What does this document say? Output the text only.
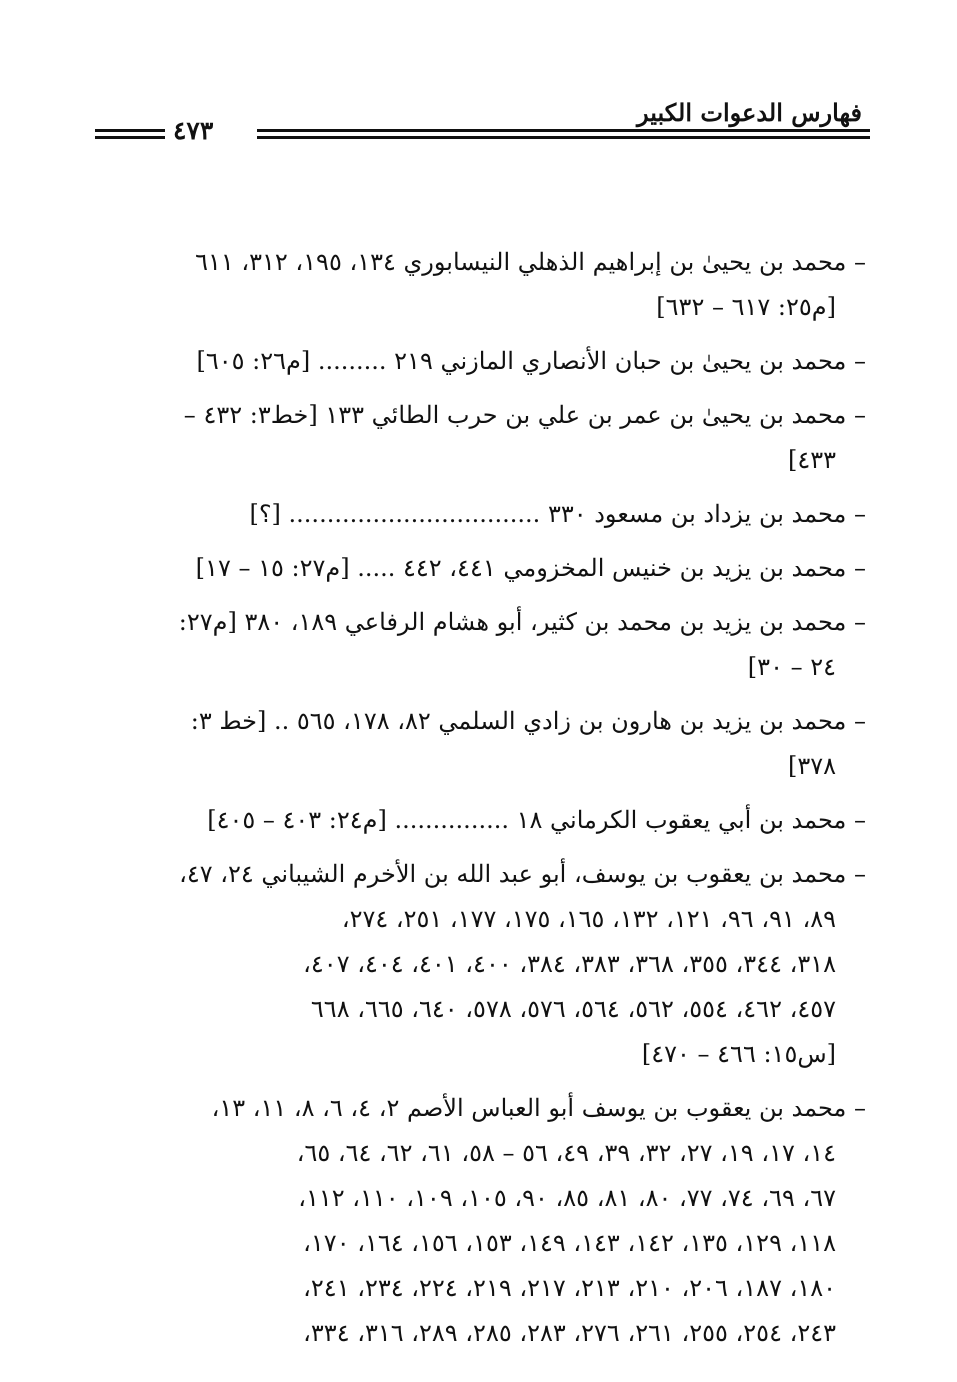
فهارس الدعوات الكبير
٤٧٣

– محمد بن يحيىٰ بن إبراهيم الذهلي النيسابوري ١٣٤، ١٩٥، ٣١٢، ٦١١
[م٢٥: ٦١٧ – ٦٣٢]

– محمد بن يحيىٰ بن حبان الأنصاري المازني ٢١٩ ......... [م٢٦: ٦٠٥]

– محمد بن يحيىٰ بن عمر بن علي بن حرب الطائي ١٣٣ [خط٣: ٤٣٢ –
٤٣٣]

– محمد بن يزداد بن مسعود ٣٣٠ ................................. [؟]

– محمد بن يزيد بن خنيس المخزومي ٤٤١، ٤٤٢ ..... [م٢٧: ١٥ – ١٧]

– محمد بن يزيد بن محمد بن كثير، أبو هشام الرفاعي ١٨٩، ٣٨٠ [م٢٧:
٢٤ – ٣٠]

– محمد بن يزيد بن هارون بن زادي السلمي ٨٢، ١٧٨، ٥٦٥ .. [خط ٣:
٣٧٨]

– محمد بن أبي يعقوب الكرماني ١٨ ............... [م٢٤: ٤٠٣ – ٤٠٥]

– محمد بن يعقوب بن يوسف، أبو عبد الله بن الأخرم الشيباني ٢٤، ٤٧،
٨٩، ٩١، ٩٦، ١٢١، ١٣٢، ١٦٥، ١٧٥، ١٧٧، ٢٥١، ٢٧٤،
٣١٨، ٣٤٤، ٣٥٥، ٣٦٨، ٣٨٣، ٣٨٤، ٤٠٠، ٤٠١، ٤٠٤، ٤٠٧،
٤٥٧، ٤٦٢، ٥٥٤، ٥٦٢، ٥٦٤، ٥٧٦، ٥٧٨، ٦٤٠، ٦٦٥، ٦٦٨
[س١٥: ٤٦٦ – ٤٧٠]

– محمد بن يعقوب بن يوسف أبو العباس الأصم ٢، ٤، ٦، ٨، ١١، ١٣،
١٤، ١٧، ١٩، ٢٧، ٣٢، ٣٩، ٤٩، ٥٦ – ٥٨، ٦١، ٦٢، ٦٤، ٦٥،
٦٧، ٦٩، ٧٤، ٧٧، ٨٠، ٨١، ٨٥، ٩٠، ١٠٥، ١٠٩، ١١٠، ١١٢،
١١٨، ١٢٩، ١٣٥، ١٤٢، ١٤٣، ١٤٩، ١٥٣، ١٥٦، ١٦٤، ١٧٠،
١٨٠، ١٨٧، ٢٠٦، ٢١٠، ٢١٣، ٢١٧، ٢١٩، ٢٢٤، ٢٣٤، ٢٤١،
٢٤٣، ٢٥٤، ٢٥٥، ٢٦١، ٢٧٦، ٢٨٣، ٢٨٥، ٢٨٩، ٣١٦، ٣٣٤،
